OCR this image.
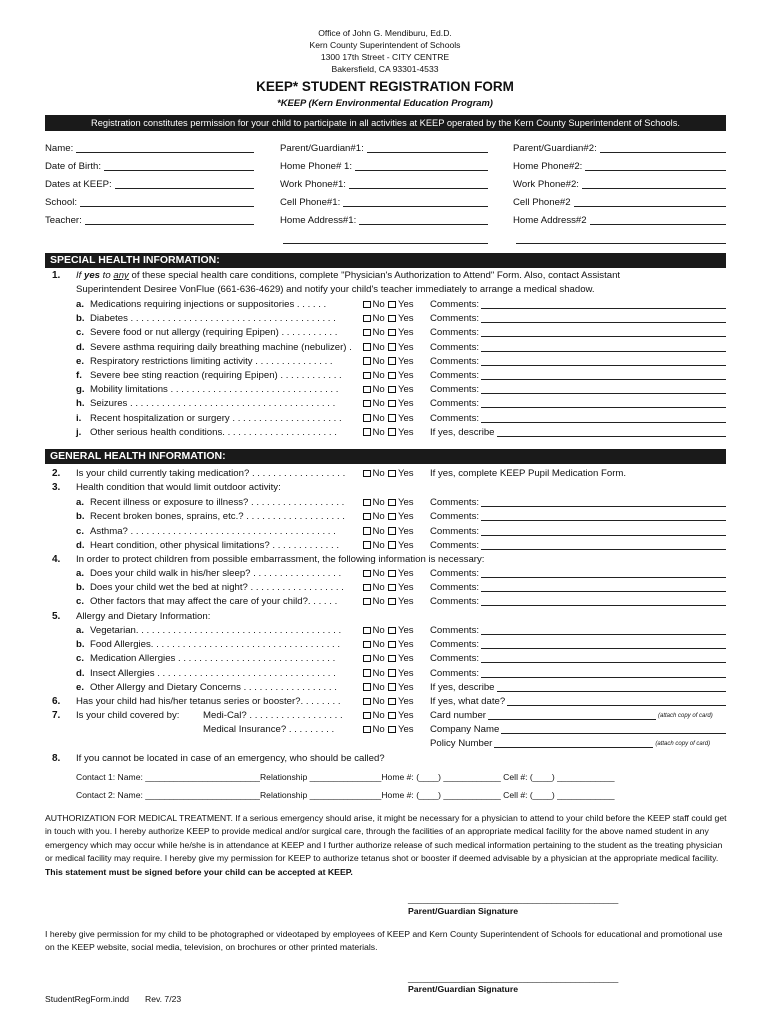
Office of John G. Mendiburu, Ed.D.
Kern County Superintendent of Schools
1300 17th Street - CITY CENTRE
Bakersfield, CA 93301-4533
KEEP* STUDENT REGISTRATION FORM
*KEEP (Kern Environmental Education Program)
Registration constitutes permission for your child to participate in all activities at KEEP operated by the Kern County Superintendent of Schools.
Name:
Date of Birth:
Dates at KEEP:
School:
Teacher:
Parent/Guardian#1:
Home Phone# 1:
Work Phone#1:
Cell Phone#1:
Home Address#1:
Parent/Guardian#2:
Home Phone#2:
Work Phone#2:
Cell Phone#2
Home Address#2
SPECIAL HEALTH INFORMATION:
1.	If yes to any of these special health care conditions, complete "Physician's Authorization to Attend" Form. Also, contact Assistant
Superintendent Desiree VonFlue (661-636-4629) and notify your child's teacher immediately to arrange a medical shadow.
a. Medications requiring injections or suppositories . . . . . .	No Yes Comments:
b. Diabetes . . . . . . . . . . . . . . . . . . . . . . . . . . . . . . . . . . . . . . .	No Yes Comments:
c. Severe food or nut allergy (requiring Epipen) . . . . . . . . . . .	No Yes Comments:
d. Severe asthma requiring daily breathing machine (nebulizer) .	No Yes Comments:
e. Respiratory restrictions limiting activity . . . . . . . . . . . . . . .	No Yes Comments:
f. Severe bee sting reaction (requiring Epipen) . . . . . . . . . . . .	No Yes Comments:
g. Mobility limitations . . . . . . . . . . . . . . . . . . . . . . . . . . . . . . . .	No Yes Comments:
h. Seizures . . . . . . . . . . . . . . . . . . . . . . . . . . . . . . . . . . . . . . .	No Yes Comments:
i. Recent hospitalization or surgery . . . . . . . . . . . . . . . . . . . . .	No Yes Comments:
j. Other serious health conditions. . . . . . . . . . . . . . . . . . . . . .	No Yes If yes, describe
GENERAL HEALTH INFORMATION:
2.	Is your child currently taking medication? . . . . . . . . . . . . . . . . . .	No Yes If yes, complete KEEP Pupil Medication Form.
3.	Health condition that would limit outdoor activity:
a. Recent illness or exposure to illness? . . . . . . . . . . . . . . . . . .	No Yes Comments:
b. Recent broken bones, sprains, etc.? . . . . . . . . . . . . . . . . . . .	No Yes Comments:
c. Asthma? . . . . . . . . . . . . . . . . . . . . . . . . . . . . . . . . . . . . . . .	No Yes Comments:
d. Heart condition, other physical limitations? . . . . . . . . . . . . .	No Yes Comments:
4.	In order to protect children from possible embarrassment, the following information is necessary:
a. Does your child walk in his/her sleep? . . . . . . . . . . . . . . . . .	No Yes Comments:
b. Does your child wet the bed at night? . . . . . . . . . . . . . . . . . .	No Yes Comments:
c. Other factors that may affect the care of your child?. . . . . .	No Yes Comments:
5.	Allergy and Dietary Information:
a. Vegetarian. . . . . . . . . . . . . . . . . . . . . . . . . . . . . . . . . . . . . . .	No Yes Comments:
b. Food Allergies. . . . . . . . . . . . . . . . . . . . . . . . . . . . . . . . . . . .	No Yes Comments:
c. Medication Allergies . . . . . . . . . . . . . . . . . . . . . . . . . . . . . .	No Yes Comments:
d. Insect Allergies . . . . . . . . . . . . . . . . . . . . . . . . . . . . . . . . . .	No Yes Comments:
e. Other Allergy and Dietary Concerns . . . . . . . . . . . . . . . . . .	No Yes If yes, describe
6.	Has your child had his/her tetanus series or booster?. . . . . . . .	No Yes If yes, what date?
7.	Is your child covered by: Medi-Cal? . . . . . . . . . . . . . . . . . .	No Yes Card number	(attach copy of card)
Medical Insurance? . . . . . . . . .	No Yes Company Name
Policy Number	(attach copy of card)
8.	If you cannot be located in case of an emergency, who should be called?
Contact 1: Name: ________________________Relationship _______________Home #: (____) ____________ Cell #: (____) ____________
Contact 2: Name: ________________________Relationship _______________Home #: (____) ____________ Cell #: (____) ____________
AUTHORIZATION FOR MEDICAL TREATMENT. If a serious emergency should arise, it might be necessary for a physician to attend to your child before the KEEP staff could get in touch with you. I hereby authorize KEEP to provide medical and/or surgical care, through the facilities of an appropriate medical facility for the above named student in any emergency which may occur while he/she is in attendance at KEEP and I further authorize release of such medical information pertaining to the student as the treating physician or medical facility may require. I hereby give my permission for KEEP to authorize tetanus shot or booster if deemed advisable by a physician at the appropriate medical facility. This statement must be signed before your child can be accepted at KEEP.
____________________________________________
Parent/Guardian Signature
I hereby give permission for my child to be photographed or videotaped by employees of KEEP and Kern County Superintendent of Schools for educational and promotional use on the KEEP website, social media, television, on brochures or other printed materials.
____________________________________________
Parent/Guardian Signature
StudentRegForm.indd Rev. 7/23
